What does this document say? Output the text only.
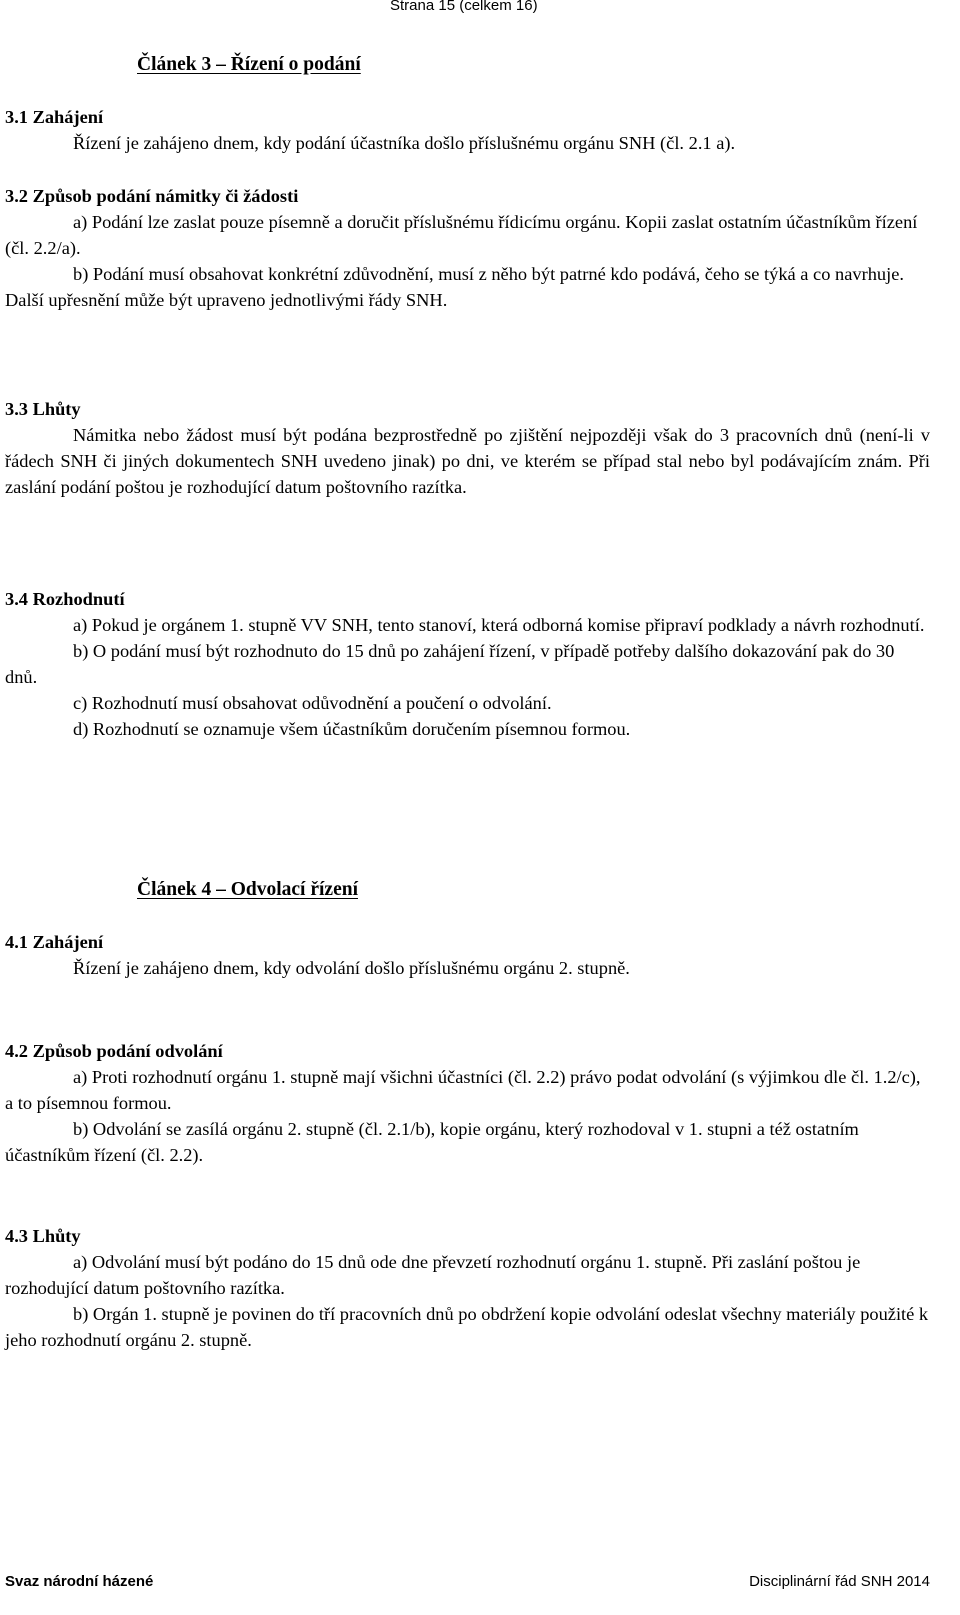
Strana 15 (celkem 16)
Článek 3 – Řízení o podání

3.1 Zahájení

Řízení je zahájeno dnem, kdy podání účastníka došlo příslušnému orgánu SNH (čl. 2.1 a).

3.2 Způsob podání námitky či žádosti

a) Podání lze zaslat pouze písemně a doručit příslušnému řídicímu orgánu. Kopii zaslat ostatním účastníkům řízení (čl. 2.2/a).

b) Podání musí obsahovat konkrétní zdůvodnění, musí z něho být patrné kdo podává, čeho se týká a co navrhuje. Další upřesnění může být upraveno jednotlivými řády SNH.

3.3 Lhůty

Námitka nebo žádost musí být podána bezprostředně po zjištění nejpozději však do 3 pracovních dnů (není-li v řádech SNH či jiných dokumentech SNH uvedeno jinak) po dni, ve kterém se případ stal nebo byl podávajícím znám. Při zaslání podání poštou je rozhodující datum poštovního razítka.

3.4 Rozhodnutí

a) Pokud je orgánem 1. stupně VV SNH, tento stanoví, která odborná komise připraví podklady a návrh rozhodnutí.

b) O podání musí být rozhodnuto do 15 dnů po zahájení řízení, v případě potřeby dalšího dokazování pak do 30 dnů.

c) Rozhodnutí musí obsahovat odůvodnění a poučení o odvolání.

d) Rozhodnutí se oznamuje všem účastníkům doručením písemnou formou.

Článek 4 – Odvolací řízení

4.1 Zahájení

Řízení je zahájeno dnem, kdy odvolání došlo příslušnému orgánu 2. stupně.

4.2 Způsob podání odvolání

a) Proti rozhodnutí orgánu 1. stupně mají všichni účastníci (čl. 2.2) právo podat odvolání (s výjimkou dle čl. 1.2/c), a to písemnou formou.

b) Odvolání se zasílá orgánu 2. stupně (čl. 2.1/b), kopie orgánu, který rozhodoval v 1. stupni a též ostatním účastníkům řízení (čl. 2.2).

4.3 Lhůty

a) Odvolání musí být podáno do 15 dnů ode dne převzetí rozhodnutí orgánu 1. stupně. Při zaslání poštou je rozhodující datum poštovního razítka.

b) Orgán 1. stupně je povinen do tří pracovních dnů po obdržení kopie odvolání odeslat všechny materiály použité k jeho rozhodnutí orgánu 2. stupně.

Svaz národní házené	Disciplinární řád SNH 2014
